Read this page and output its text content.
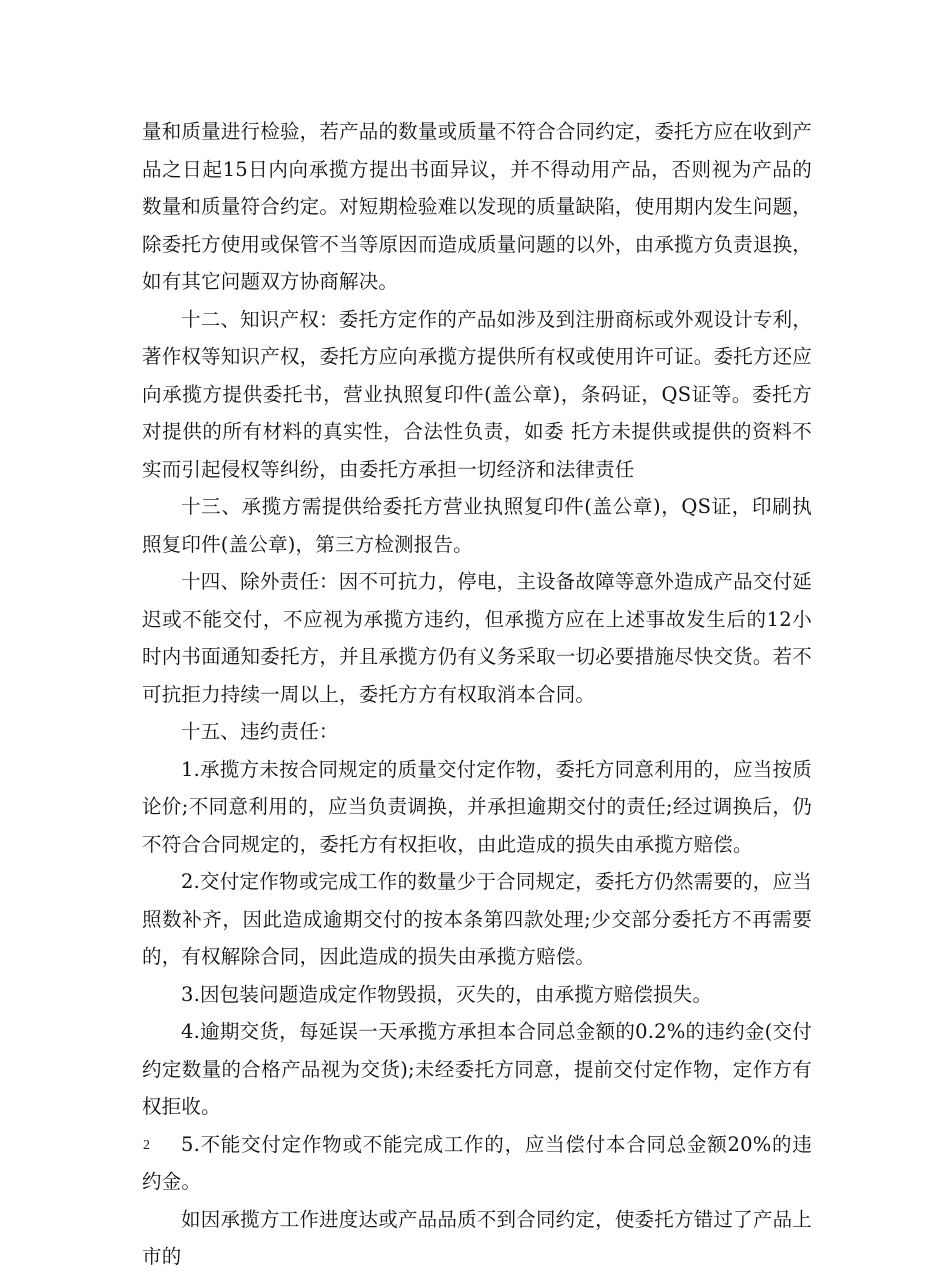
量和质量进行检验，若产品的数量或质量不符合合同约定，委托方应在收到产品之日起15日内向承揽方提出书面异议，并不得动用产品，否则视为产品的数量和质量符合约定。对短期检验难以发现的质量缺陷，使用期内发生问题，除委托方使用或保管不当等原因而造成质量问题的以外，由承揽方负责退换，如有其它问题双方协商解决。

十二、知识产权：委托方定作的产品如涉及到注册商标或外观设计专利，著作权等知识产权，委托方应向承揽方提供所有权或使用许可证。委托方还应向承揽方提供委托书，营业执照复印件(盖公章)，条码证，QS证等。委托方对提供的所有材料的真实性，合法性负责，如委 托方未提供或提供的资料不实而引起侵权等纠纷，由委托方承担一切经济和法律责任

十三、承揽方需提供给委托方营业执照复印件(盖公章)，QS证，印刷执照复印件(盖公章)，第三方检测报告。

十四、除外责任：因不可抗力，停电，主设备故障等意外造成产品交付延迟或不能交付，不应视为承揽方违约，但承揽方应在上述事故发生后的12小时内书面通知委托方，并且承揽方仍有义务采取一切必要措施尽快交货。若不可抗拒力持续一周以上，委托方方有权取消本合同。

十五、违约责任：

1.承揽方未按合同规定的质量交付定作物，委托方同意利用的，应当按质论价;不同意利用的，应当负责调换，并承担逾期交付的责任;经过调换后，仍不符合合同规定的，委托方有权拒收，由此造成的损失由承揽方赔偿。

2.交付定作物或完成工作的数量少于合同规定，委托方仍然需要的，应当照数补齐，因此造成逾期交付的按本条第四款处理;少交部分委托方不再需要的，有权解除合同，因此造成的损失由承揽方赔偿。

3.因包装问题造成定作物毁损，灭失的，由承揽方赔偿损失。

4.逾期交货，每延误一天承揽方承担本合同总金额的0.2%的违约金(交付约定数量的合格产品视为交货);未经委托方同意，提前交付定作物，定作方有权拒收。

5.不能交付定作物或不能完成工作的，应当偿付本合同总金额20%的违约金。

如因承揽方工作进度达或产品品质不到合同约定，使委托方错过了产品上市的

2
